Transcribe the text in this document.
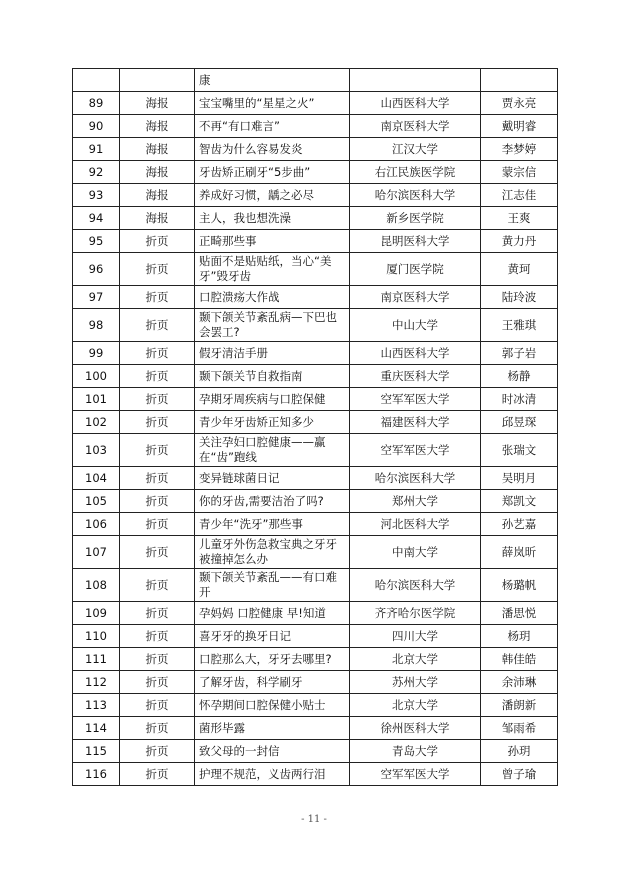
		康		
89	海报	宝宝嘴里的“星星之火”	山西医科大学	贾永亮
90	海报	不再“有口难言”	南京医科大学	戴明睿
91	海报	智齿为什么容易发炎	江汉大学	李梦婷
92	海报	牙齿矫正刷牙“5步曲”	右江民族医学院	蒙宗信
93	海报	养成好习惯，龋之必尽	哈尔滨医科大学	江志佳
94	海报	主人，我也想洗澡	新乡医学院	王爽
95	折页	正畸那些事	昆明医科大学	黄力丹
96	折页	贴面不是贴贴纸，当心“美牙”毁牙齿	厦门医学院	黄珂
97	折页	口腔溃疡大作战	南京医科大学	陆玲波
98	折页	颞下颌关节紊乱病—下巴也会罢工?	中山大学	王雅琪
99	折页	假牙清洁手册	山西医科大学	郭子岩
100	折页	颞下颌关节自救指南	重庆医科大学	杨静
101	折页	孕期牙周疾病与口腔保健	空军军医大学	时冰清
102	折页	青少年牙齿矫正知多少	福建医科大学	邱昱琛
103	折页	关注孕妇口腔健康——赢在“齿”跑线	空军军医大学	张瑞文
104	折页	变异链球菌日记	哈尔滨医科大学	吴明月
105	折页	你的牙齿,需要洁治了吗?	郑州大学	郑凯文
106	折页	青少年“洗牙”那些事	河北医科大学	孙艺嘉
107	折页	儿童牙外伤急救宝典之牙牙被撞掉怎么办	中南大学	薛岚昕
108	折页	颞下颌关节紊乱——有口难开	哈尔滨医科大学	杨璐帆
109	折页	孕妈妈 口腔健康 早!知道	齐齐哈尔医学院	潘思悦
110	折页	喜牙牙的换牙日记	四川大学	杨玥
111	折页	口腔那么大，牙牙去哪里?	北京大学	韩佳皓
112	折页	了解牙齿，科学刷牙	苏州大学	余沛琳
113	折页	怀孕期间口腔保健小贴士	北京大学	潘朗新
114	折页	菌形毕露	徐州医科大学	邹雨希
115	折页	致父母的一封信	青岛大学	孙玥
116	折页	护理不规范，义齿两行泪	空军军医大学	曾子瑜
- 11 -
